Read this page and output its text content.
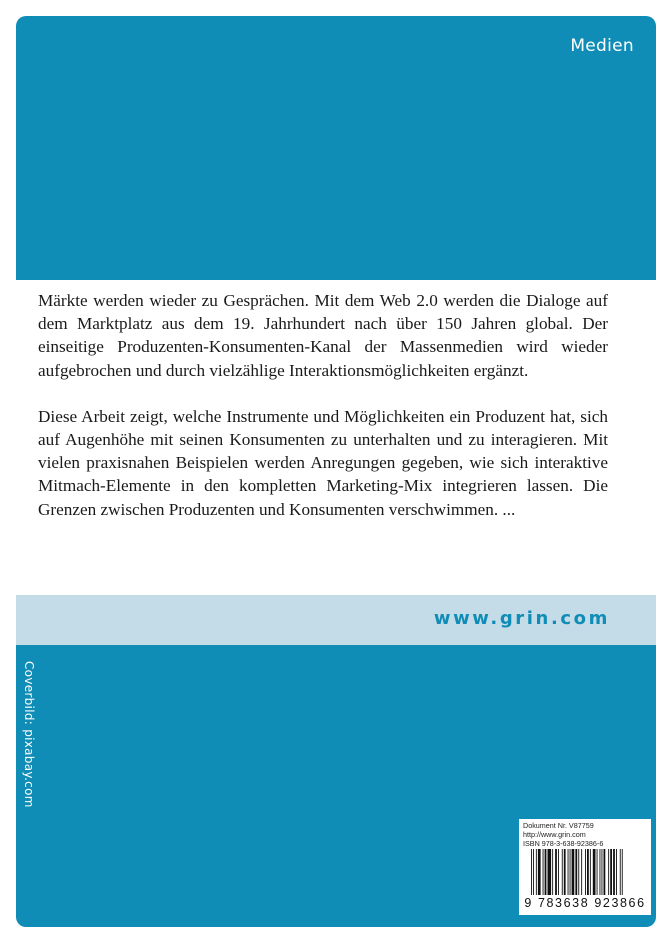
Medien

Märkte werden wieder zu Gesprächen. Mit dem Web 2.0 werden die Dialoge auf dem Marktplatz aus dem 19. Jahrhundert nach über 150 Jahren global. Der einseitige Produzenten-Konsumenten-Kanal der Massenmedien wird wieder aufgebrochen und durch vielzählige Interaktionsmöglichkeiten ergänzt.

Diese Arbeit zeigt, welche Instrumente und Möglichkeiten ein Produzent hat, sich auf Augenhöhe mit seinen Konsumenten zu unterhalten und zu interagieren. Mit vielen praxisnahen Beispielen werden Anregungen gegeben, wie sich interaktive Mitmach-Elemente in den kompletten Marketing-Mix integrieren lassen. Die Grenzen zwischen Produzenten und Konsumenten verschwimmen. ...

www.grin.com
Coverbild: pixabay.com
Dokument Nr. V87759
http://www.grin.com
ISBN 978-3-638-92386-6
9 783638 923866
